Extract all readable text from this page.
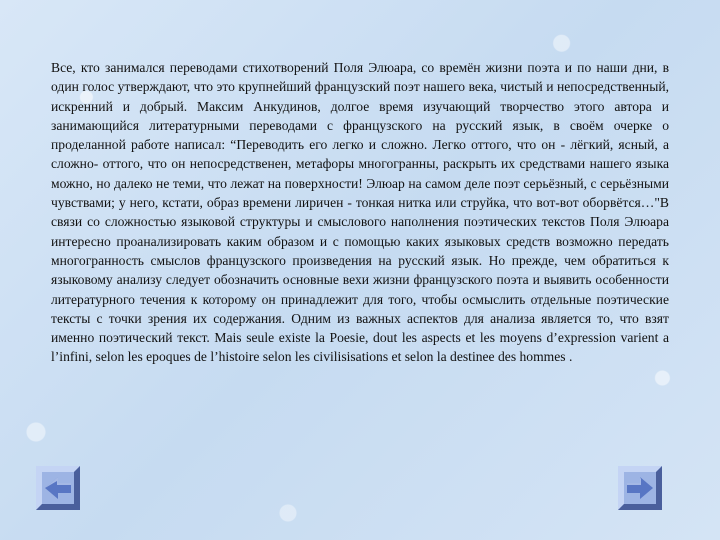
Все, кто занимался переводами стихотворений Поля Элюара, со времён жизни поэта и по наши дни, в один голос утверждают, что это крупнейший французский поэт нашего века, чистый и непосредственный, искренний и добрый. Максим Анкудинов, долгое время изучающий творчество этого автора и занимающийся литературными переводами с французского на русский язык, в своём очерке о проделанной работе написал: “Переводить его легко и сложно. Легко оттого, что он - лёгкий, ясный, а сложно- оттого, что он непосредственен, метафоры многогранны, раскрыть их средствами нашего языка можно, но далеко не теми, что лежат на поверхности! Элюар на самом деле поэт серьёзный, с серьёзными чувствами; у него, кстати, образ времени лиричен - тонкая нитка или струйка, что вот-вот оборвётся…"В связи со сложностью языковой структуры и смыслового наполнения поэтических текстов Поля Элюара интересно проанализировать каким образом и с помощью каких языковых средств возможно передать многогранность смыслов французского произведения на русский язык. Но прежде, чем обратиться к языковому анализу следует обозначить основные вехи жизни французского поэта и выявить особенности литературного течения к которому он принадлежит для того, чтобы осмыслить отдельные поэтические тексты с точки зрения их содержания. Одним из важных аспектов для анализа является то, что взят именно поэтический текст. Mais seule existe la Poesie, dout les aspects et les moyens d’expression varient a l’infini, selon les epoques de l’histoire selon les civilisisations et selon la destinee des hommes .
